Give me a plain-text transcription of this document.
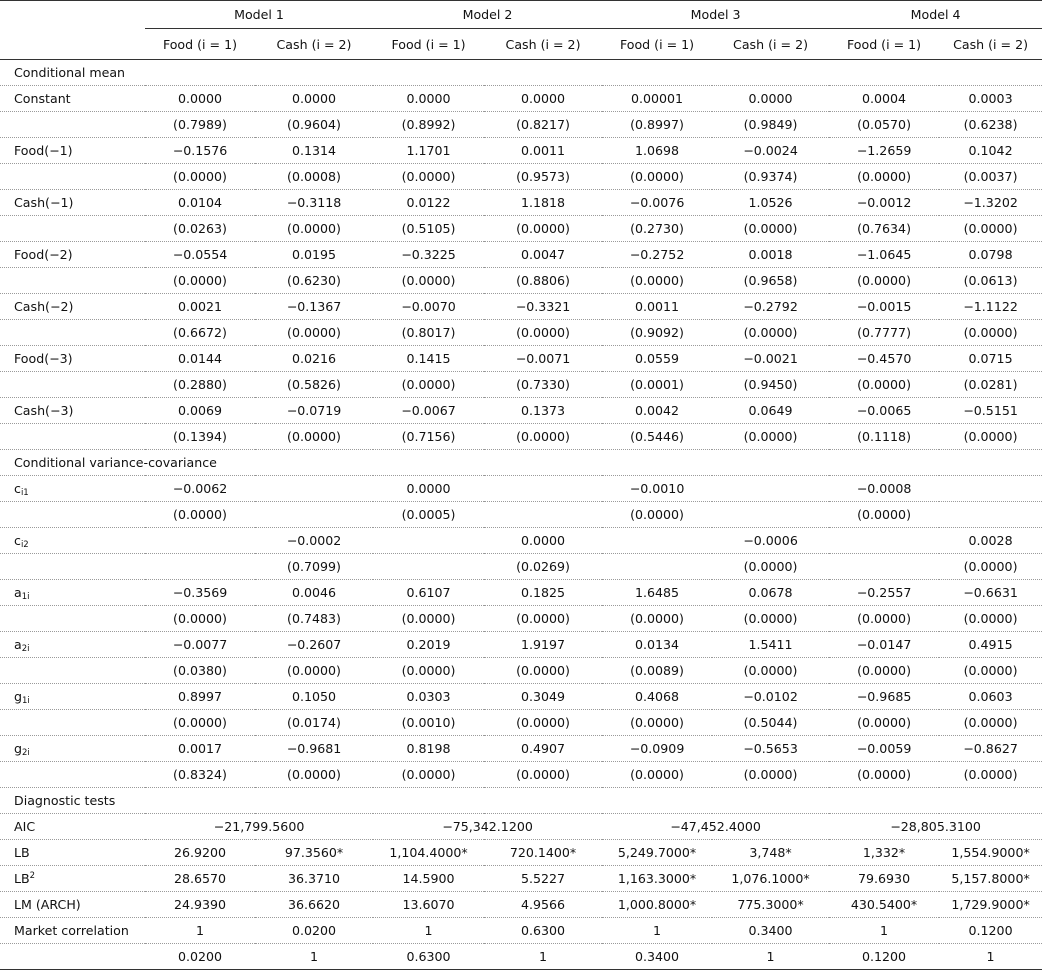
	Model 1		Model 2		Model 3		Model 4	
	Food (i = 1)	Cash (i = 2)	Food (i = 1)	Cash (i = 2)	Food (i = 1)	Cash (i = 2)	Food (i = 1)	Cash (i = 2)
Conditional mean								
Constant	0.0000	0.0000	0.0000	0.0000	0.00001	0.0000	0.0004	0.0003
	(0.7989)	(0.9604)	(0.8992)	(0.8217)	(0.8997)	(0.9849)	(0.0570)	(0.6238)
Food(−1)	−0.1576	0.1314	1.1701	0.0011	1.0698	−0.0024	−1.2659	0.1042
	(0.0000)	(0.0008)	(0.0000)	(0.9573)	(0.0000)	(0.9374)	(0.0000)	(0.0037)
Cash(−1)	0.0104	−0.3118	0.0122	1.1818	−0.0076	1.0526	−0.0012	−1.3202
	(0.0263)	(0.0000)	(0.5105)	(0.0000)	(0.2730)	(0.0000)	(0.7634)	(0.0000)
Food(−2)	−0.0554	0.0195	−0.3225	0.0047	−0.2752	0.0018	−1.0645	0.0798
	(0.0000)	(0.6230)	(0.0000)	(0.8806)	(0.0000)	(0.9658)	(0.0000)	(0.0613)
Cash(−2)	0.0021	−0.1367	−0.0070	−0.3321	0.0011	−0.2792	−0.0015	−1.1122
	(0.6672)	(0.0000)	(0.8017)	(0.0000)	(0.9092)	(0.0000)	(0.7777)	(0.0000)
Food(−3)	0.0144	0.0216	0.1415	−0.0071	0.0559	−0.0021	−0.4570	0.0715
	(0.2880)	(0.5826)	(0.0000)	(0.7330)	(0.0001)	(0.9450)	(0.0000)	(0.0281)
Cash(−3)	0.0069	−0.0719	−0.0067	0.1373	0.0042	0.0649	−0.0065	−0.5151
	(0.1394)	(0.0000)	(0.7156)	(0.0000)	(0.5446)	(0.0000)	(0.1118)	(0.0000)
Conditional variance-covariance								
$c_{i1}$	−0.0062		0.0000		−0.0010		−0.0008	
	(0.0000)		(0.0005)		(0.0000)		(0.0000)	
$c_{i2}$		−0.0002		0.0000		−0.0006		0.0028
		(0.7099)		(0.0269)		(0.0000)		(0.0000)
$a_{1i}$	−0.3569	0.0046	0.6107	0.1825	1.6485	0.0678	−0.2557	−0.6631
	(0.0000)	(0.7483)	(0.0000)	(0.0000)	(0.0000)	(0.0000)	(0.0000)	(0.0000)
$a_{2i}$	−0.0077	−0.2607	0.2019	1.9197	0.0134	1.5411	−0.0147	0.4915
	(0.0380)	(0.0000)	(0.0000)	(0.0000)	(0.0089)	(0.0000)	(0.0000)	(0.0000)
$g_{1i}$	0.8997	0.1050	0.0303	0.3049	0.4068	−0.0102	−0.9685	0.0603
	(0.0000)	(0.0174)	(0.0010)	(0.0000)	(0.0000)	(0.5044)	(0.0000)	(0.0000)
$g_{2i}$	0.0017	−0.9681	0.8198	0.4907	−0.0909	−0.5653	−0.0059	−0.8627
	(0.8324)	(0.0000)	(0.0000)	(0.0000)	(0.0000)	(0.0000)	(0.0000)	(0.0000)
Diagnostic tests								
AIC	−21,799.5600		−75,342.1200		−47,452.4000		−28,805.3100	
LB	26.9200	97.3560*	1,104.4000*	720.1400*	5,249.7000*	3,748*	1,332*	1,554.9000*
$LB^2$	28.6570	36.3710	14.5900	5.5227	1,163.3000*	1,076.1000*	79.6930	5,157.8000*
LM (ARCH)	24.9390	36.6620	13.6070	4.9566	1,000.8000*	775.3000*	430.5400*	1,729.9000*
Market correlation	1	0.0200	1	0.6300	1	0.3400	1	0.1200
	0.0200	1	0.6300	1	0.3400	1	0.1200	1
